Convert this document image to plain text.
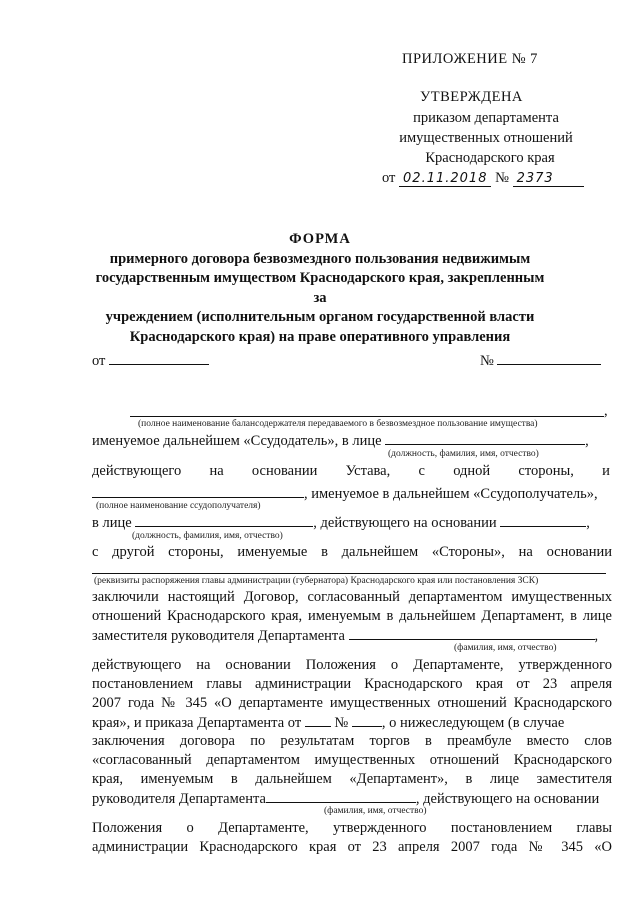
ПРИЛОЖЕНИЕ № 7
УТВЕРЖДЕНА
приказом департамента
имущественных отношений
Краснодарского края
от 02.11.2018 № 2373
ФОРМА
примерного договора безвозмездного пользования недвижимым
государственным имуществом Краснодарского края, закрепленным за
учреждением (исполнительным органом государственной власти
Краснодарского края) на праве оперативного управления
от	№
,
(полное наименование балансодержателя передаваемого в безвозмездное пользование имущества)
именуемое дальнейшем «Ссудодатель», в лице	,
(должность, фамилия, имя, отчество)
действующего на основании Устава, с одной стороны, и
, именуемое в дальнейшем «Ссудополучатель»,
(полное наименование ссудополучателя)
в лице	, действующего на основании	,
(должность, фамилия, имя, отчество)
с другой стороны, именуемые в дальнейшем «Стороны», на основании
(реквизиты распоряжения главы администрации (губернатора) Краснодарского края или постановления ЗСК)
заключили настоящий Договор, согласованный департаментом имущественных
отношений Краснодарского края, именуемым в дальнейшем Департамент, в лице
заместителя руководителя Департамента	,
(фамилия, имя, отчество)
действующего на основании Положения о Департаменте, утвержденного
постановлением главы администрации Краснодарского края от 23 апреля
2007 года № 345 «О департаменте имущественных отношений Краснодарского
края», и приказа Департамента от № , о нижеследующем (в случае
заключения договора по результатам торгов в преамбуле вместо слов
«согласованный департаментом имущественных отношений Краснодарского
края, именуемым в дальнейшем «Департамент», в лице заместителя
руководителя Департамента	, действующего на основании
(фамилия, имя, отчество)
Положения о Департаменте, утвержденного постановлением главы
администрации Краснодарского края от 23 апреля 2007 года № 345 «О
